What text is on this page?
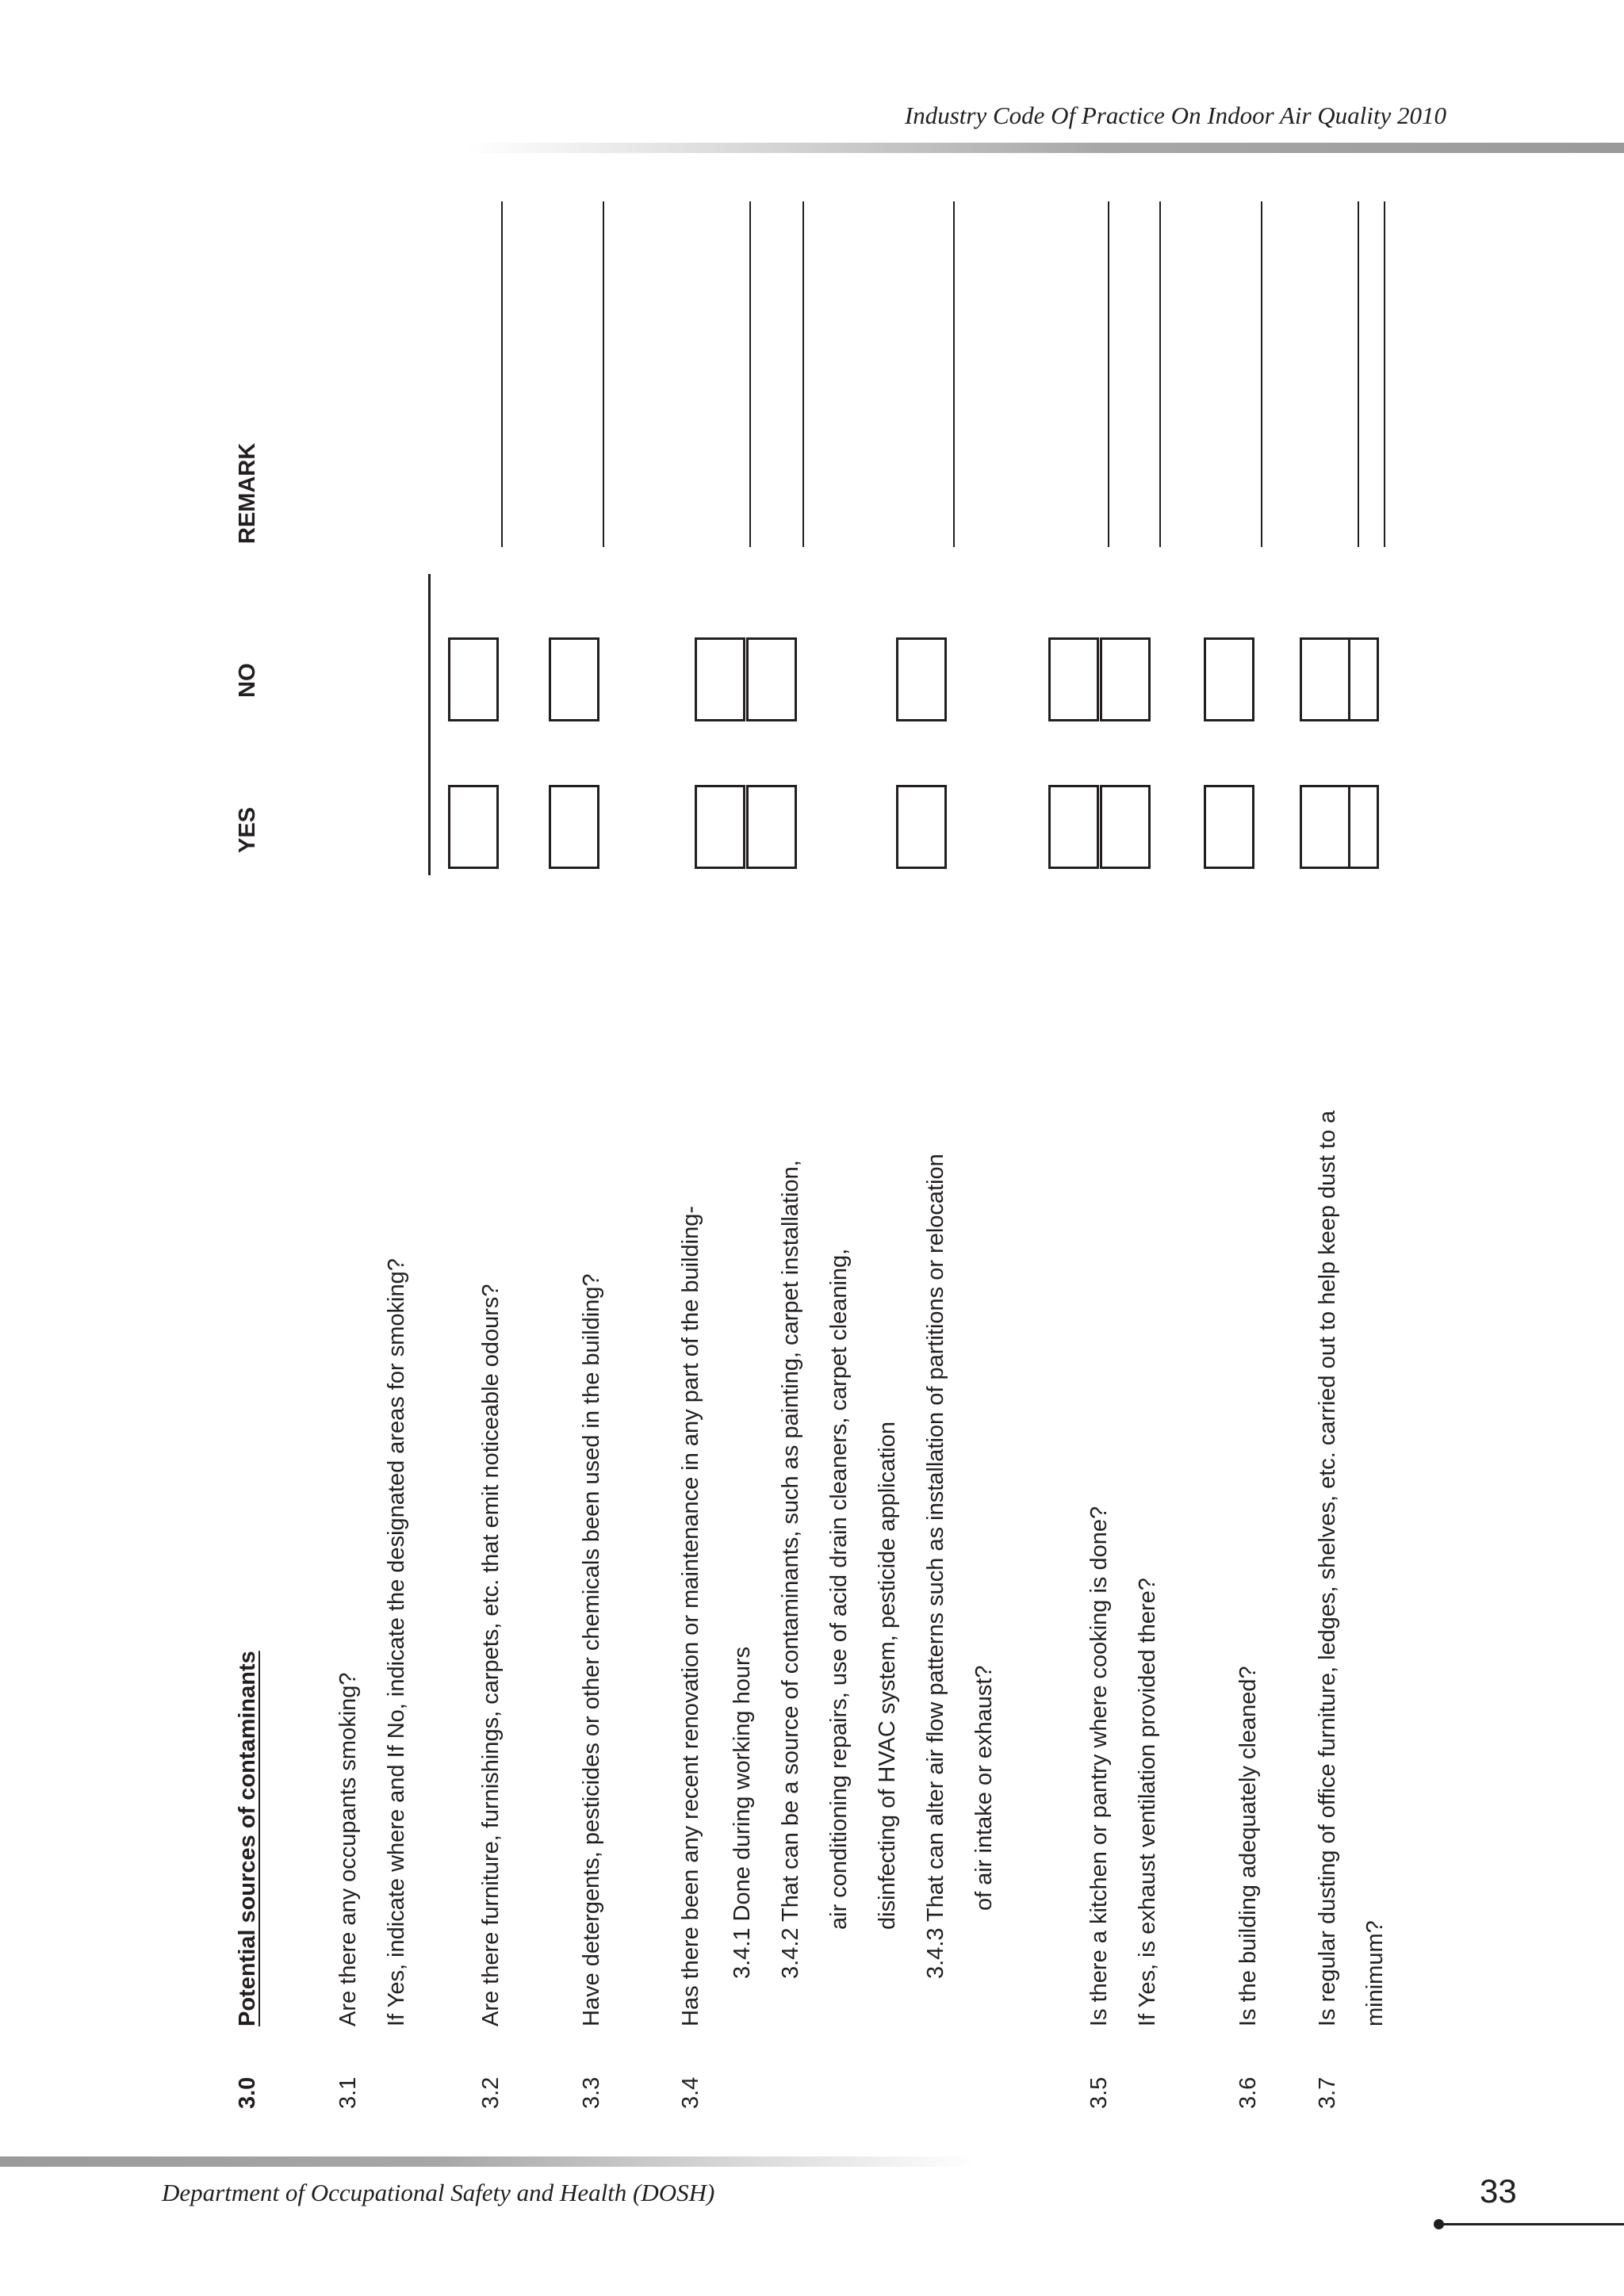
Industry Code Of Practice On Indoor Air Quality 2010
3.0
Potential sources of contaminants
YES
NO
REMARK
3.1
Are there any occupants smoking? If Yes, indicate where and If No, indicate the designated areas for smoking?
3.2
Are there furniture, furnishings, carpets, etc. that emit noticeable odours?
3.3
Have detergents, pesticides or other chemicals been used in the building?
3.4
Has there been any recent renovation or maintenance in any part of the building- 3.4.1 Done during working hours 3.4.2 That can be a source of contaminants, such as painting, carpet installation, air conditioning repairs, use of acid drain cleaners, carpet cleaning, disinfecting of HVAC system, pesticide application 3.4.3 That can alter air flow patterns such as installation of partitions or relocation of air intake or exhaust?
3.5
Is there a kitchen or pantry where cooking is done? If Yes, is exhaust ventilation provided there?
3.6
Is the building adequately cleaned?
3.7
Is regular dusting of office furniture, ledges, shelves, etc. carried out to help keep dust to a minimum?
Department of Occupational Safety and Health (DOSH)	33
